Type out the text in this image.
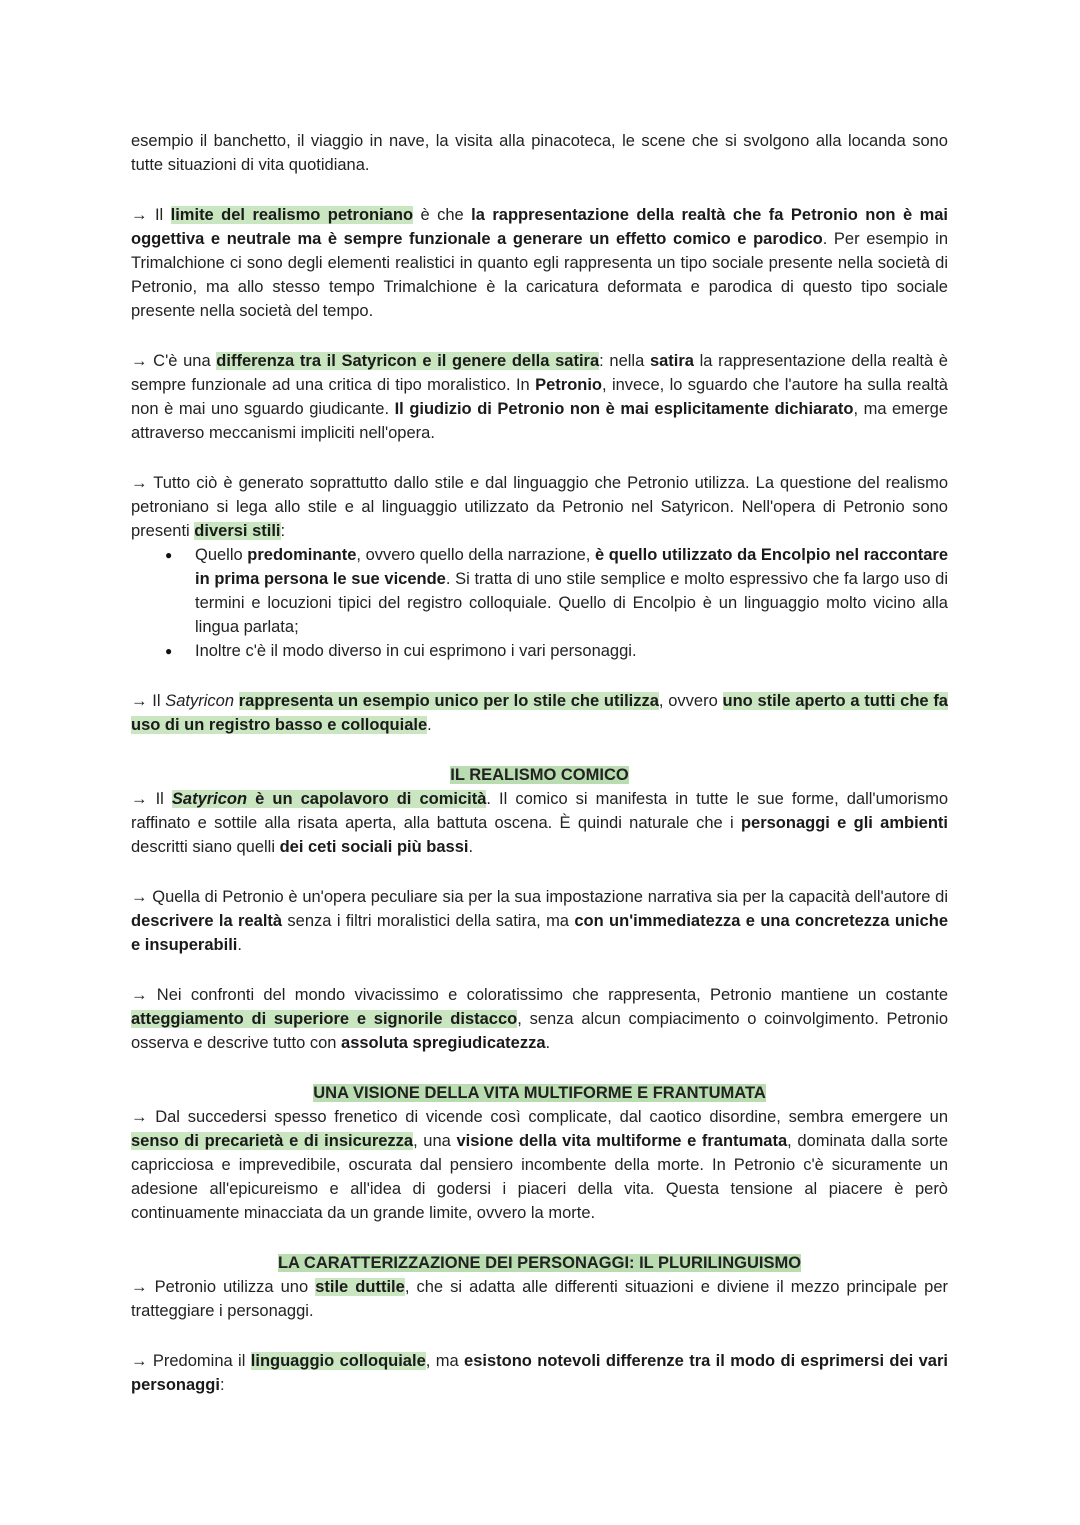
esempio il banchetto, il viaggio in nave, la visita alla pinacoteca, le scene che si svolgono alla locanda sono tutte situazioni di vita quotidiana.

→ Il limite del realismo petroniano è che la rappresentazione della realtà che fa Petronio non è mai oggettiva e neutrale ma è sempre funzionale a generare un effetto comico e parodico. Per esempio in Trimalchione ci sono degli elementi realistici in quanto egli rappresenta un tipo sociale presente nella società di Petronio, ma allo stesso tempo Trimalchione è la caricatura deformata e parodica di questo tipo sociale presente nella società del tempo.

→ C'è una differenza tra il Satyricon e il genere della satira: nella satira la rappresentazione della realtà è sempre funzionale ad una critica di tipo moralistico. In Petronio, invece, lo sguardo che l'autore ha sulla realtà non è mai uno sguardo giudicante. Il giudizio di Petronio non è mai esplicitamente dichiarato, ma emerge attraverso meccanismi impliciti nell'opera.

→ Tutto ciò è generato soprattutto dallo stile e dal linguaggio che Petronio utilizza. La questione del realismo petroniano si lega allo stile e al linguaggio utilizzato da Petronio nel Satyricon. Nell'opera di Petronio sono presenti diversi stili:

● Quello predominante, ovvero quello della narrazione, è quello utilizzato da Encolpio nel raccontare in prima persona le sue vicende. Si tratta di uno stile semplice e molto espressivo che fa largo uso di termini e locuzioni tipici del registro colloquiale. Quello di Encolpio è un linguaggio molto vicino alla lingua parlata;
● Inoltre c'è il modo diverso in cui esprimono i vari personaggi.

→ Il Satyricon rappresenta un esempio unico per lo stile che utilizza, ovvero uno stile aperto a tutti che fa uso di un registro basso e colloquiale.

IL REALISMO COMICO

→ Il Satyricon è un capolavoro di comicità. Il comico si manifesta in tutte le sue forme, dall'umorismo raffinato e sottile alla risata aperta, alla battuta oscena. È quindi naturale che i personaggi e gli ambienti descritti siano quelli dei ceti sociali più bassi.

→ Quella di Petronio è un'opera peculiare sia per la sua impostazione narrativa sia per la capacità dell'autore di descrivere la realtà senza i filtri moralistici della satira, ma con un'immediatezza e una concretezza uniche e insuperabili.

→ Nei confronti del mondo vivacissimo e coloratissimo che rappresenta, Petronio mantiene un costante atteggiamento di superiore e signorile distacco, senza alcun compiacimento o coinvolgimento. Petronio osserva e descrive tutto con assoluta spregiudicatezza.

UNA VISIONE DELLA VITA MULTIFORME E FRANTUMATA

→ Dal succedersi spesso frenetico di vicende così complicate, dal caotico disordine, sembra emergere un senso di precarietà e di insicurezza, una visione della vita multiforme e frantumata, dominata dalla sorte capricciosa e imprevedibile, oscurata dal pensiero incombente della morte. In Petronio c'è sicuramente un adesione all'epicureismo e all'idea di godersi i piaceri della vita. Questa tensione al piacere è però continuamente minacciata da un grande limite, ovvero la morte.

LA CARATTERIZZAZIONE DEI PERSONAGGI: IL PLURILINGUISMO

→ Petronio utilizza uno stile duttile, che si adatta alle differenti situazioni e diviene il mezzo principale per tratteggiare i personaggi.

→ Predomina il linguaggio colloquiale, ma esistono notevoli differenze tra il modo di esprimersi dei vari personaggi:
